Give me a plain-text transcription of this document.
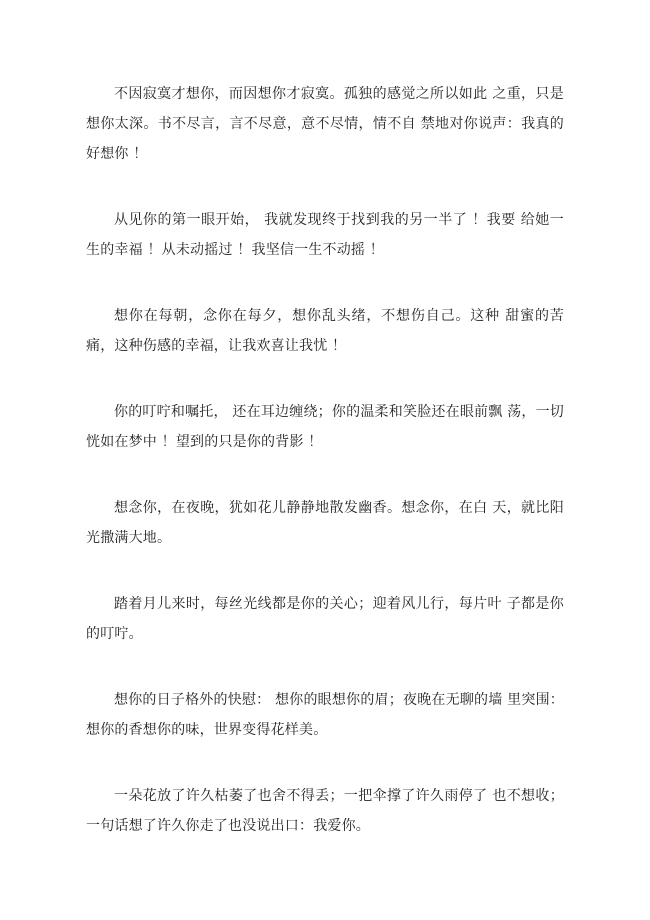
不因寂寞才想你，而因想你才寂寞。孤独的感觉之所以如此 之重，只是想你太深。书不尽言，言不尽意，意不尽情，情不自 禁地对你说声：我真的好想你 ！

从见你的第一眼开始， 我就发现终于找到我的另一半了 ！我要 给她一生的幸福 ！从未动摇过 ！我坚信一生不动摇 ！

想你在每朝，念你在每夕，想你乱头绪，不想伤自己。这种 甜蜜的苦痛，这种伤感的幸福，让我欢喜让我忧 ！

你的叮咛和嘱托， 还在耳边缠绕；你的温柔和笑脸还在眼前飘 荡，一切恍如在梦中 ！望到的只是你的背影 ！

想念你，在夜晚，犹如花儿静静地散发幽香。想念你，在白 天，就比阳光撒满大地。

踏着月儿来时，每丝光线都是你的关心；迎着风儿行，每片叶 子都是你的叮咛。

想你的日子格外的快慰： 想你的眼想你的眉；夜晚在无聊的墙 里突围：想你的香想你的味，世界变得花样美。

一朵花放了许久枯萎了也舍不得丢；一把伞撑了许久雨停了 也不想收；一句话想了许久你走了也没说出口：我爱你。
